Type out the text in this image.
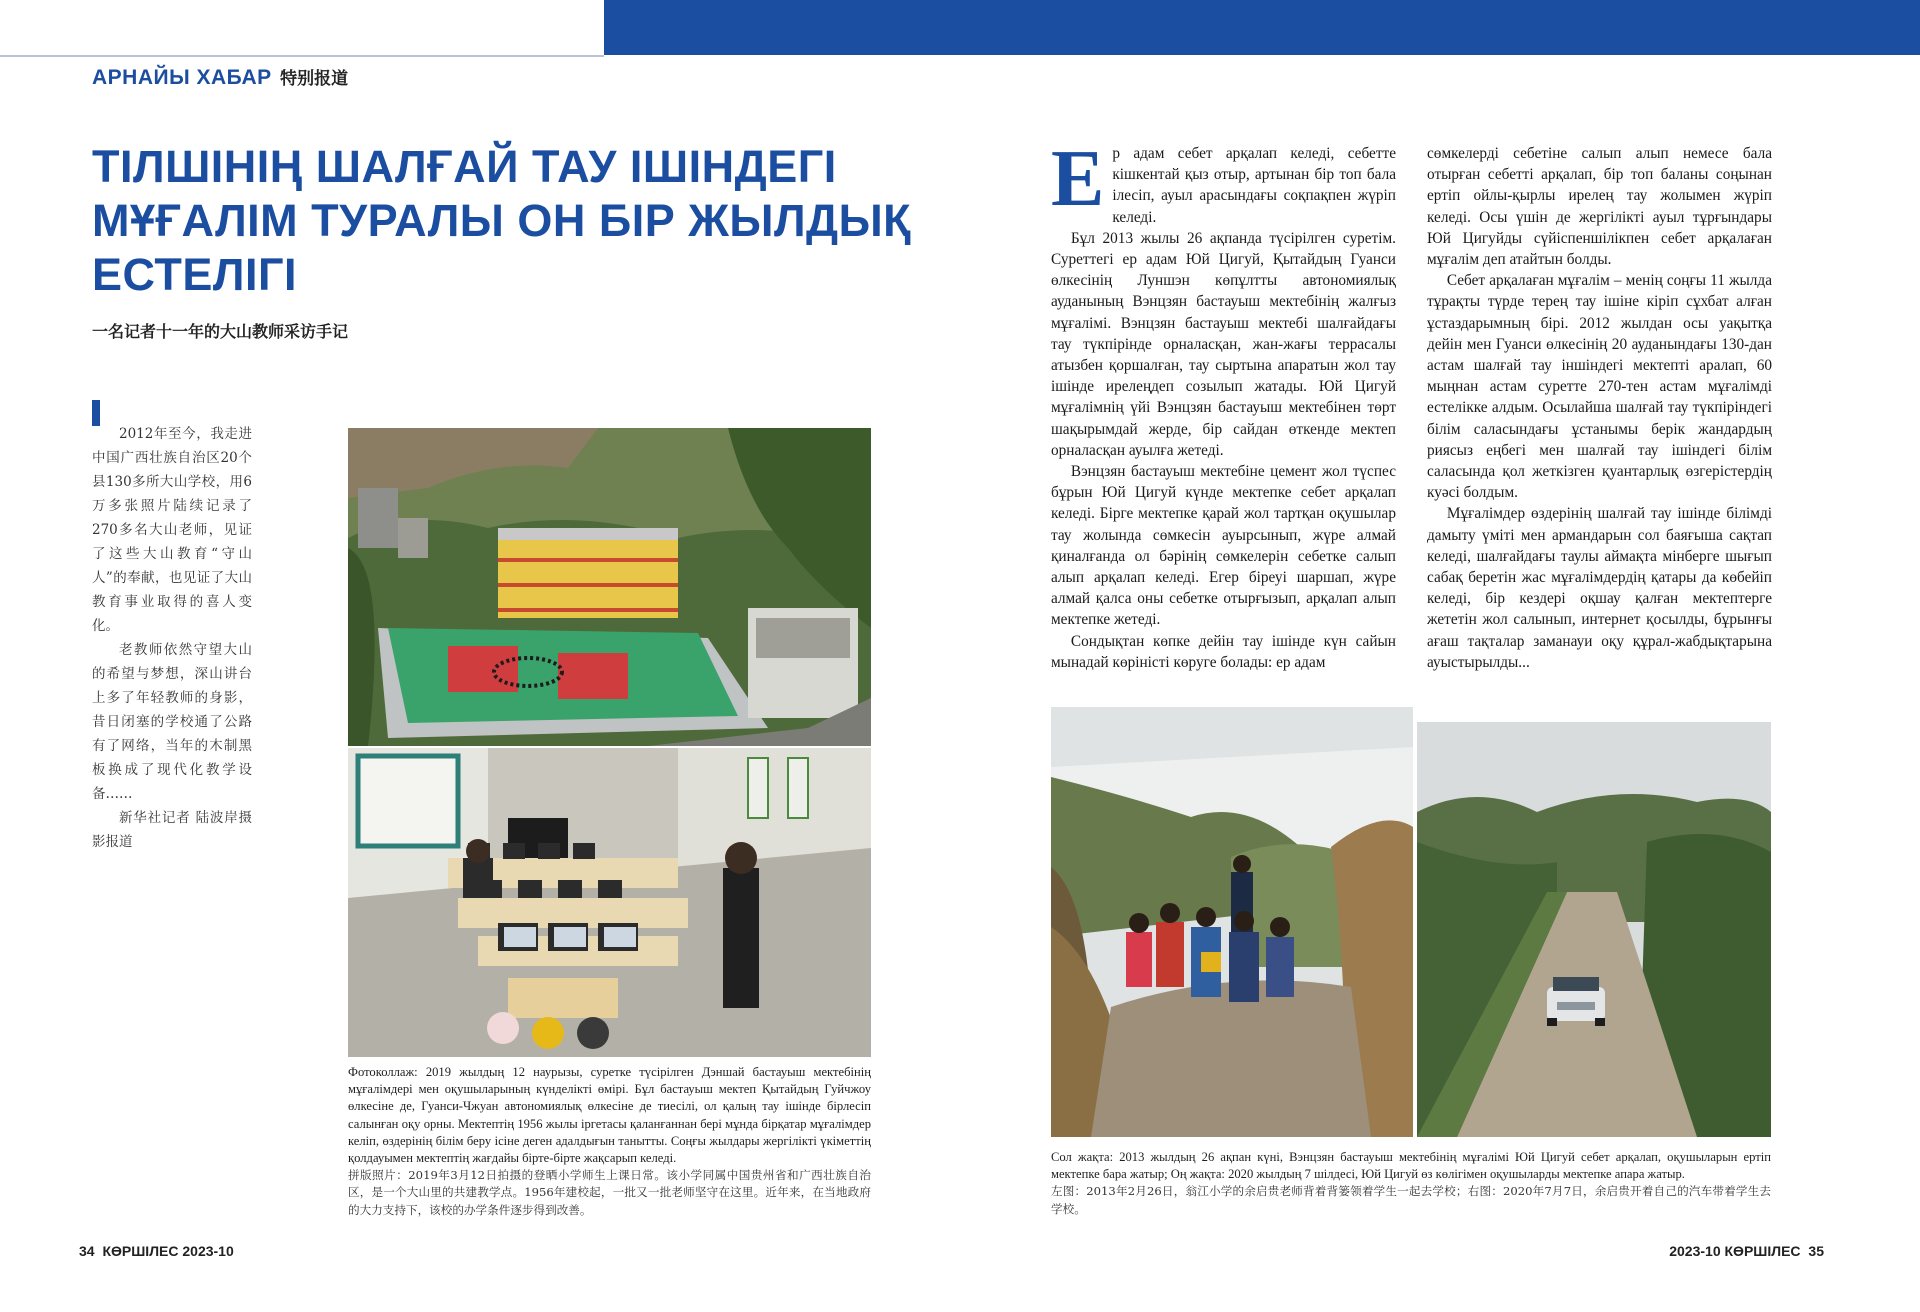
АРНАЙЫ ХАБАР 特别报道
ТІЛШІНІҢ ШАЛҒАЙ ТАУ ІШІНДЕГІ
МҰҒАЛІМ ТУРАЛЫ ОН БІР ЖЫЛДЫҚ
ЕСТЕЛІГІ
一名记者十一年的大山教师采访手记

2012年至今，我走进中国广西壮族自治区20个县130多所大山学校，用6万多张照片陆续记录了270多名大山老师，见证了这些大山教育“守山人”的奉献，也见证了大山教育事业取得的喜人变化。

老教师依然守望大山的希望与梦想，深山讲台上多了年轻教师的身影，昔日闭塞的学校通了公路有了网络，当年的木制黑板换成了现代化教学设备……

新华社记者 陆波岸摄影报道

Фотоколлаж: 2019 жылдың 12 наурызы, суретке түсірілген Дэншай бастауыш мектебінің мұғалімдері мен оқушыларының күнделікті өмірі. Бұл бастауыш мектеп Қытайдың Гуйчжоу өлкесіне де, Гуанси-Чжуан автономиялық өлкесіне де тиесілі, ол қалың тау ішінде бірлесіп салынған оқу орны. Мектептің 1956 жылы іргетасы қаланғаннан бері мұнда бірқатар мұғалімдер келіп, өздерінің білім беру ісіне деген адалдығын танытты. Соңғы жылдары жергілікті үкіметтің қолдауымен мектептің жағдайы бірте-бірте жақсарып келеді.

拼版照片：2019年3月12日拍摄的登晒小学师生上课日常。该小学同属中国贵州省和广西壮族自治区，是一个大山里的共建教学点。1956年建校起，一批又一批老师坚守在这里。近年来，在当地政府的大力支持下，该校的办学条件逐步得到改善。

Ер адам себет арқалап келеді, себетте кішкентай қыз отыр, артынан бір топ бала ілесіп, ауыл арасындағы соқпақпен жүріп келеді.

Бұл 2013 жылы 26 ақпанда түсірілген суретім. Суреттегі ер адам Юй Цигуй, Қытайдың Гуанси өлкесінің Луншэн көпұлтты автономиялық ауданының Вэнцзян бастауыш мектебінің жалғыз мұғалімі. Вэнцзян бастауыш мектебі шалғайдағы тау түкпірінде орналасқан, жан-жағы террасалы атызбен қоршалған, тау сыртына апаратын жол тау ішінде ирелеңдеп созылып жатады. Юй Цигуй мұғалімнің үйі Вэнцзян бастауыш мектебінен төрт шақырымдай жерде, бір сайдан өткенде мектеп орналасқан ауылға жетеді.

Вэнцзян бастауыш мектебіне цемент жол түспес бұрын Юй Цигуй күнде мектепке себет арқалап келеді. Бірге мектепке қарай жол тартқан оқушылар тау жолында сөмкесін ауырсынып, жүре алмай қиналғанда ол бәрінің сөмкелерін себетке салып алып арқалап келеді. Егер біреуі шаршап, жүре алмай қалса оны себетке отырғызып, арқалап алып мектепке жетеді.

Сондықтан көпке дейін тау ішінде күн сайын мынадай көріністі көруге болады: ер адам

сөмкелерді себетіне салып алып немесе бала отырған себетті арқалап, бір топ баланы соңынан ертіп ойлы-қырлы ирелең тау жолымен жүріп келеді. Осы үшін де жергілікті ауыл тұрғындары Юй Цигуйды сүйіспеншілікпен себет арқалаған мұғалім деп атайтын болды.

Себет арқалаған мұғалім – менің соңғы 11 жылда тұрақты түрде терең тау ішіне кіріп сұхбат алған ұстаздарымның бірі. 2012 жылдан осы уақытқа дейін мен Гуанси өлкесінің 20 ауданындағы 130-дан астам шалғай тау іншіндегі мектепті аралап, 60 мыңнан астам суретте 270-тен астам мұғалімді естелікке алдым. Осылайша шалғай тау түкпіріндегі білім саласындағы ұстанымы берік жандардың риясыз еңбегі мен шалғай тау ішіндегі білім саласында қол жеткізген қуантарлық өзгерістердің куәсі болдым.

Мұғалімдер өздерінің шалғай тау ішінде білімді дамыту үміті мен армандарын сол баяғыша сақтап келеді, шалғайдағы таулы аймақта мінберге шығып сабақ беретін жас мұғалімдердің қатары да көбейіп келеді, бір кездері оқшау қалған мектептерге жететін жол салынып, интернет қосылды, бұрынғы ағаш тақталар заманауи оқу құрал-жабдықтарына ауыстырылды...

Сол жақта: 2013 жылдың 26 ақпан күні, Вэнцзян бастауыш мектебінің мұғалімі Юй Цигуй себет арқалап, оқушыларын ертіп мектепке бара жатыр; Оң жақта: 2020 жылдың 7 шілдесі, Юй Цигуй өз көлігімен оқушыларды мектепке апара жатыр.

左图：2013年2月26日，翁江小学的余启贵老师背着背篓领着学生一起去学校；右图：2020年7月7日，余启贵开着自己的汽车带着学生去学校。

34 КӨРШІЛЕС 2023-10	2023-10 КӨРШІЛЕС 35
